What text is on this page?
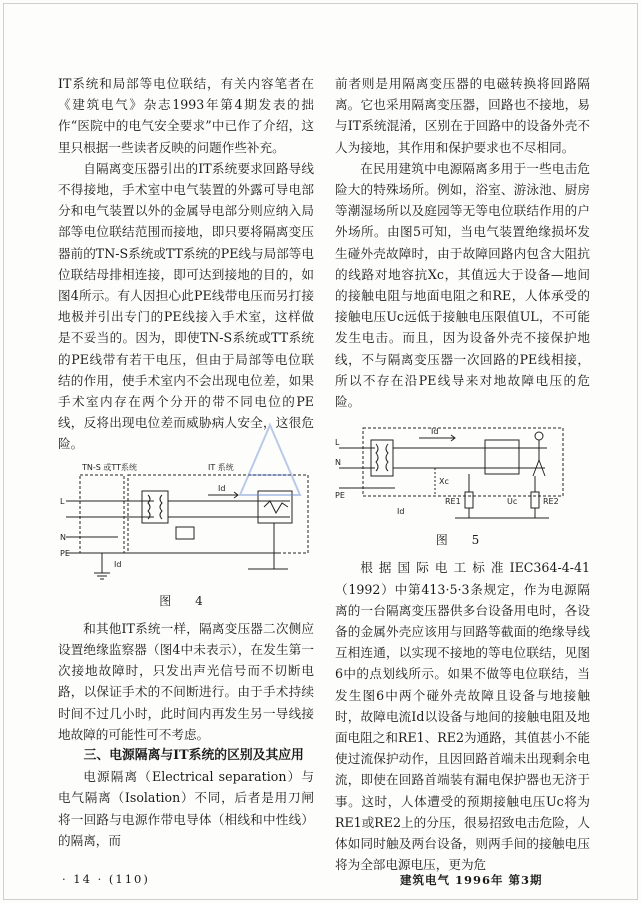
IT系统和局部等电位联结，有关内容笔者在《建筑电气》杂志1993年第4期发表的拙作“医院中的电气安全要求”中已作了介绍，这里只根据一些读者反映的问题作些补充。

自隔离变压器引出的IT系统要求回路导线不得接地，手术室中电气装置的外露可导电部分和电气装置以外的金属导电部分则应纳入局部等电位联结范围而接地，即只要将隔离变压器前的TN-S系统或TT系统的PE线与局部等电位联结母排相连接，即可达到接地的目的，如图4所示。有人因担心此PE线带电压而另打接地极并引出专门的PE线接入手术室，这样做是不妥当的。因为，即使TN-S系统或TT系统的PE线带有若干电压，但由于局部等电位联结的作用，使手术室内不会出现电位差，如果手术室内存在两个分开的带不同电位的PE线，反将出现电位差而威胁病人安全，这很危险。

TN-S 或TT系统	IT 系统
L
N
PE
Id
Id
图 4

和其他IT系统一样，隔离变压器二次侧应设置绝缘监察器（图4中未表示），在发生第一次接地故障时，只发出声光信号而不切断电路，以保证手术的不间断进行。由于手术持续时间不过几小时，此时间内再发生另一导线接地故障的可能性可不考虑。

三、电源隔离与IT系统的区别及其应用

电源隔离（Electrical separation）与电气隔离（Isolation）不同，后者是用刀闸将一回路与电源作带电导体（相线和中性线）的隔离，而

前者则是用隔离变压器的电磁转换将回路隔离。它也采用隔离变压器，回路也不接地，易与IT系统混淆，区别在于回路中的设备外壳不人为接地，其作用和保护要求也不尽相同。

在民用建筑中电源隔离多用于一些电击危险大的特殊场所。例如，浴室、游泳池、厨房等潮湿场所以及庭园等无等电位联结作用的户外场所。由图5可知，当电气装置绝缘损坏发生碰外壳故障时，由于故障回路内包含大阻抗的线路对地容抗Xc，其值远大于设备—地间的接触电阻与地面电阻之和RE，人体承受的接触电压Uc远低于接触电压限值UL，不可能发生电击。而且，因为设备外壳不接保护地线，不与隔离变压器一次回路的PE线相接，所以不存在沿PE线导来对地故障电压的危险。

L
N
PE
Id
Xc
Id
RE1	Uc	RE2
图 5

根据国际电工标准IEC364-4-41（1992）中第413·5·3条规定，作为电源隔离的一台隔离变压器供多台设备用电时，各设备的金属外壳应该用与回路等截面的绝缘导线互相连通，以实现不接地的等电位联结，见图6中的点划线所示。如果不做等电位联结，当发生图6中两个碰外壳故障且设备与地接触时，故障电流Id以设备与地间的接触电阻及地面电阻之和RE1、RE2为通路，其值甚小不能使过流保护动作，且因回路首端未出现剩余电流，即使在回路首端装有漏电保护器也无济于事。这时，人体遭受的预期接触电压Uc将为RE1或RE2上的分压，很易招致电击危险，人体如同时触及两台设备，则两手间的接触电压将为全部电源电压，更为危

· 14 · (110)	建筑电气 1996年 第3期
